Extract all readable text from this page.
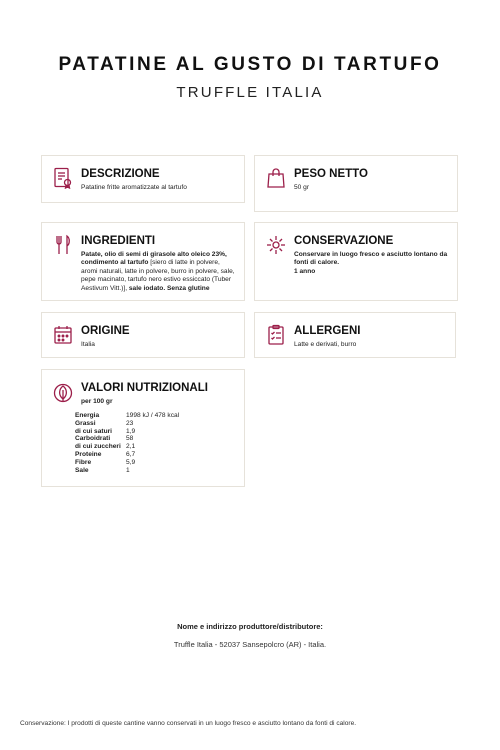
PATATINE AL GUSTO DI TARTUFO
TRUFFLE ITALIA
DESCRIZIONE
Patatine fritte aromatizzate al tartufo
PESO NETTO
50 gr
INGREDIENTI
Patate, olio di semi di girasole alto oleico 23%, condimento al tartufo [siero di latte in polvere, aromi naturali, latte in polvere, burro in polvere, sale, pepe macinato, tartufo nero estivo essiccato (Tuber Aestivum Vitt.)], sale iodato. Senza glutine
CONSERVAZIONE
Conservare in luogo fresco e asciutto lontano da fonti di calore.
1 anno
ORIGINE
Italia
ALLERGENI
Latte e derivati, burro
VALORI NUTRIZIONALI
per 100 gr
Energia	1998 kJ / 478 kcal
Grassi	23
di cui saturi	1,9
Carboidrati	58
di cui zuccheri	2,1
Proteine	6,7
Fibre	5,9
Sale	1
Nome e indirizzo produttore/distributore:
Truffle Italia - 52037 Sansepolcro (AR) - Italia.
Conservazione: I prodotti di queste cantine vanno conservati in un luogo fresco e asciutto lontano da fonti di calore.
